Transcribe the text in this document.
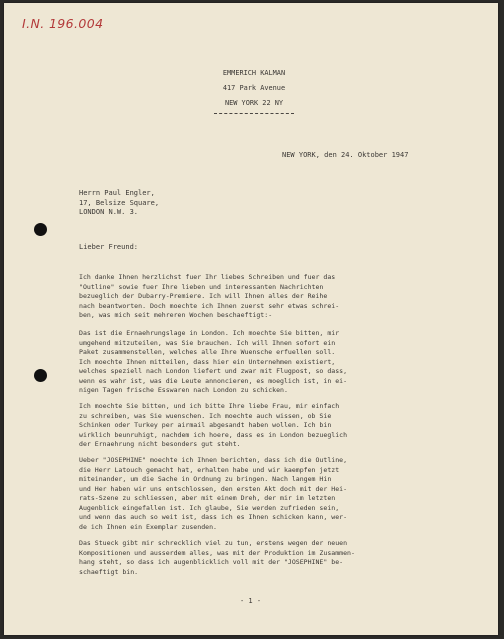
I.N. 196.004
EMMERICH KALMAN
417 Park Avenue
NEW YORK 22 NY
NEW YORK, den 24. Oktober 1947
Herrn Paul Engler,
17, Belsize Square,
LONDON N.W. 3.
Lieber Freund:
Ich danke Ihnen herzlichst fuer Ihr liebes Schreiben und fuer das
"Outline" sowie fuer Ihre lieben und interessanten Nachrichten
bezueglich der Dubarry-Premiere. Ich will Ihnen alles der Reihe
nach beantworten. Doch moechte ich Ihnen zuerst sehr etwas schrei-
ben, was mich seit mehreren Wochen beschaeftigt:-
Das ist die Ernaehrungslage in London. Ich moechte Sie bitten, mir
umgehend mitzuteilen, was Sie brauchen. Ich will Ihnen sofort ein
Paket zusammenstellen, welches alle Ihre Wuensche erfuellen soll.
Ich moechte Ihnen mitteilen, dass hier ein Unternehmen existiert,
welches speziell nach London liefert und zwar mit Flugpost, so dass,
wenn es wahr ist, was die Leute annoncieren, es moeglich ist, in ei-
nigen Tagen frische Esswaren nach London zu schicken.
Ich moechte Sie bitten, und ich bitte Ihre liebe Frau, mir einfach
zu schreiben, was Sie wuenschen. Ich moechte auch wissen, ob Sie
Schinken oder Turkey per airmail abgesandt haben wollen. Ich bin
wirklich beunruhigt, nachdem ich hoere, dass es in London bezueglich
der Ernaehrung nicht besonders gut steht.
Ueber "JOSEPHINE" moechte ich Ihnen berichten, dass ich die Outline,
die Herr Latouch gemacht hat, erhalten habe und wir kaempfen jetzt
miteinander, um die Sache in Ordnung zu bringen. Nach langem Hin
und Her haben wir uns entschlossen, den ersten Akt doch mit der Hei-
rats-Szene zu schliessen, aber mit einem Dreh, der mir im letzten
Augenblick eingefallen ist. Ich glaube, Sie werden zufrieden sein,
und wenn das auch so weit ist, dass ich es Ihnen schicken kann, wer-
de ich Ihnen ein Exemplar zusenden.
Das Stueck gibt mir schrecklich viel zu tun, erstens wegen der neuen
Kompositionen und ausserdem alles, was mit der Produktion im Zusammen-
hang steht, so dass ich augenblicklich voll mit der "JOSEPHINE" be-
schaeftigt bin.
- 1 -
